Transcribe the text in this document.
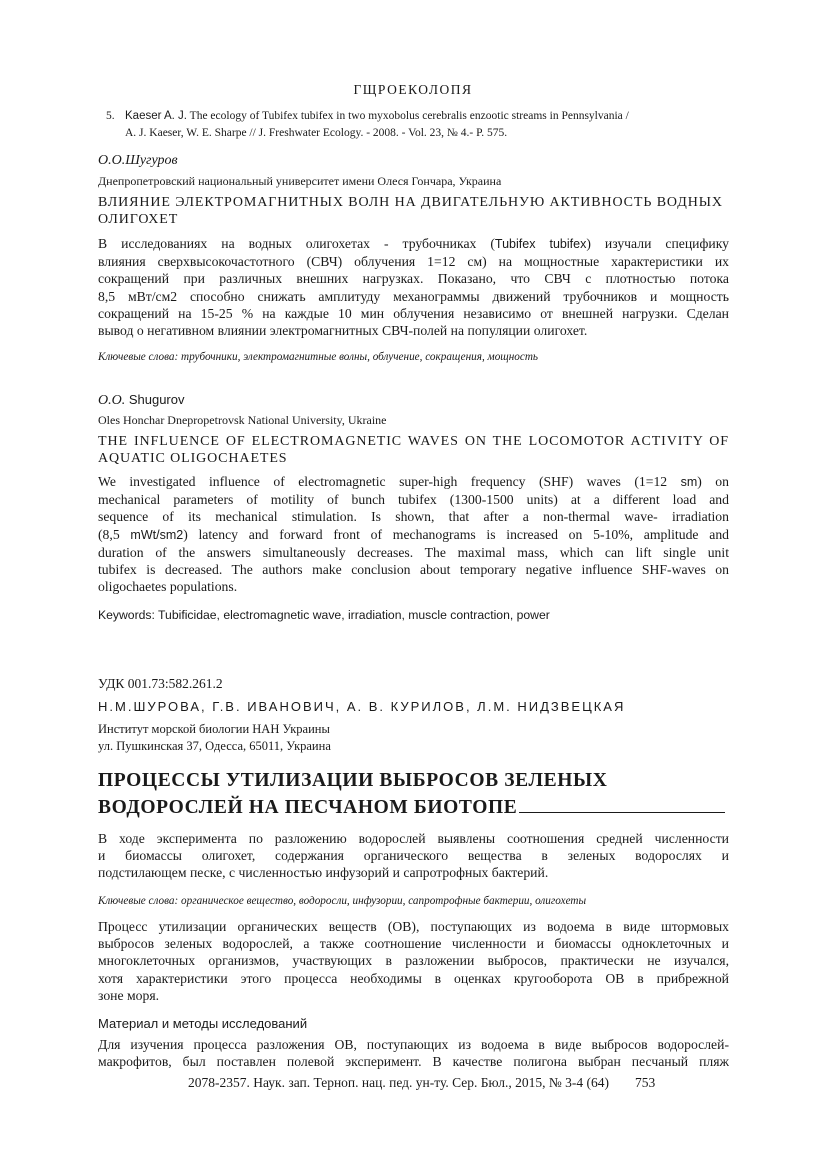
ГЩРОЕКОЛОПЯ
5. Kaeser A. J. The ecology of Tubifex tubifex in two myxobolus cerebralis enzootic streams in Pennsylvania /
A. J. Kaeser, W. E. Sharpe // J. Freshwater Ecology. - 2008. - Vol. 23, № 4.- P. 575.
О.О.Шугуров
Днепропетровский национальный университет имени Олеся Гончара, Украина
ВЛИЯНИЕ ЭЛЕКТРОМАГНИТНЫХ ВОЛН НА ДВИГАТЕЛЬНУЮ АКТИВНОСТЬ ВОДНЫХ
ОЛИГОХЕТ
В исследованиях на водных олигохетах - трубочниках (Tubifex tubifex) изучали специфику
влияния сверхвысокочастотного (СВЧ) облучения 1=12 см) на мощностные характеристики их
сокращений при различных внешних нагрузках. Показано, что СВЧ с плотностью потока
8,5 мВт/см2 способно снижать амплитуду механограммы движений трубочников и мощность
сокращений на 15-25 % на каждые 10 мин облучения независимо от внешней нагрузки. Сделан
вывод о негативном влиянии электромагнитных СВЧ-полей на популяции олигохет.
Ключевые слова: трубочники, электромагнитные волны, облучение, сокращения, мощность
O.O. Shugurov
Oles Honchar Dnepropetrovsk National University, Ukraine
THE INFLUENCE OF ELECTROMAGNETIC WAVES ON THE LOCOMOTOR ACTIVITY OF
AQUATIC OLIGOCHAETES
We investigated influence of electromagnetic super-high frequency (SHF) waves (1=12 sm) on
mechanical parameters of motility of bunch tubifex (1300-1500 units) at a different load and
sequence of its mechanical stimulation. Is shown, that after a non-thermal wave- irradiation
(8,5 mWt/sm2) latency and forward front of mechanograms is increased on 5-10%, amplitude and
duration of the answers simultaneously decreases. The maximal mass, which can lift single unit
tubifex is decreased. The authors make conclusion about temporary negative influence SHF-waves on
oligochaetes populations.
Keywords: Tubificidae, electromagnetic wave, irradiation, muscle contraction, power
УДК 001.73:582.261.2
Н.М.ШУРОВА, Г.В. ИВАНОВИЧ, А. В. КУРИЛОВ, Л.М. НИДЗВЕЦКАЯ
Институт морской биологии НАН Украины
ул. Пушкинская 37, Одесса, 65011, Украина
ПРОЦЕССЫ УТИЛИЗАЦИИ ВЫБРОСОВ ЗЕЛЕНЫХ
ВОДОРОСЛЕЙ НА ПЕСЧАНОМ БИОТОПЕ
В ходе эксперимента по разложению водорослей выявлены соотношения средней численности
и биомассы олигохет, содержания органического вещества в зеленых водорослях и
подстилающем песке, с численностью инфузорий и сапротрофных бактерий.
Ключевые слова: органическое вещество, водоросли, инфузории, сапротрофные бактерии, олигохеты
Процесс утилизации органических веществ (ОВ), поступающих из водоема в виде штормовых
выбросов зеленых водорослей, а также соотношение численности и биомассы одноклеточных и
многоклеточных организмов, участвующих в разложении выбросов, практически не изучался,
хотя характеристики этого процесса необходимы в оценках кругооборота ОВ в прибрежной
зоне моря.
Материал и методы исследований
Для изучения процесса разложения ОВ, поступающих из водоема в виде выбросов водорослей-
макрофитов, был поставлен полевой эксперимент. В качестве полигона выбран песчаный пляж
2078-2357. Наук. зап. Терноп. нац. пед. ун-ту. Сер. Бюл., 2015, № 3-4 (64) 753
